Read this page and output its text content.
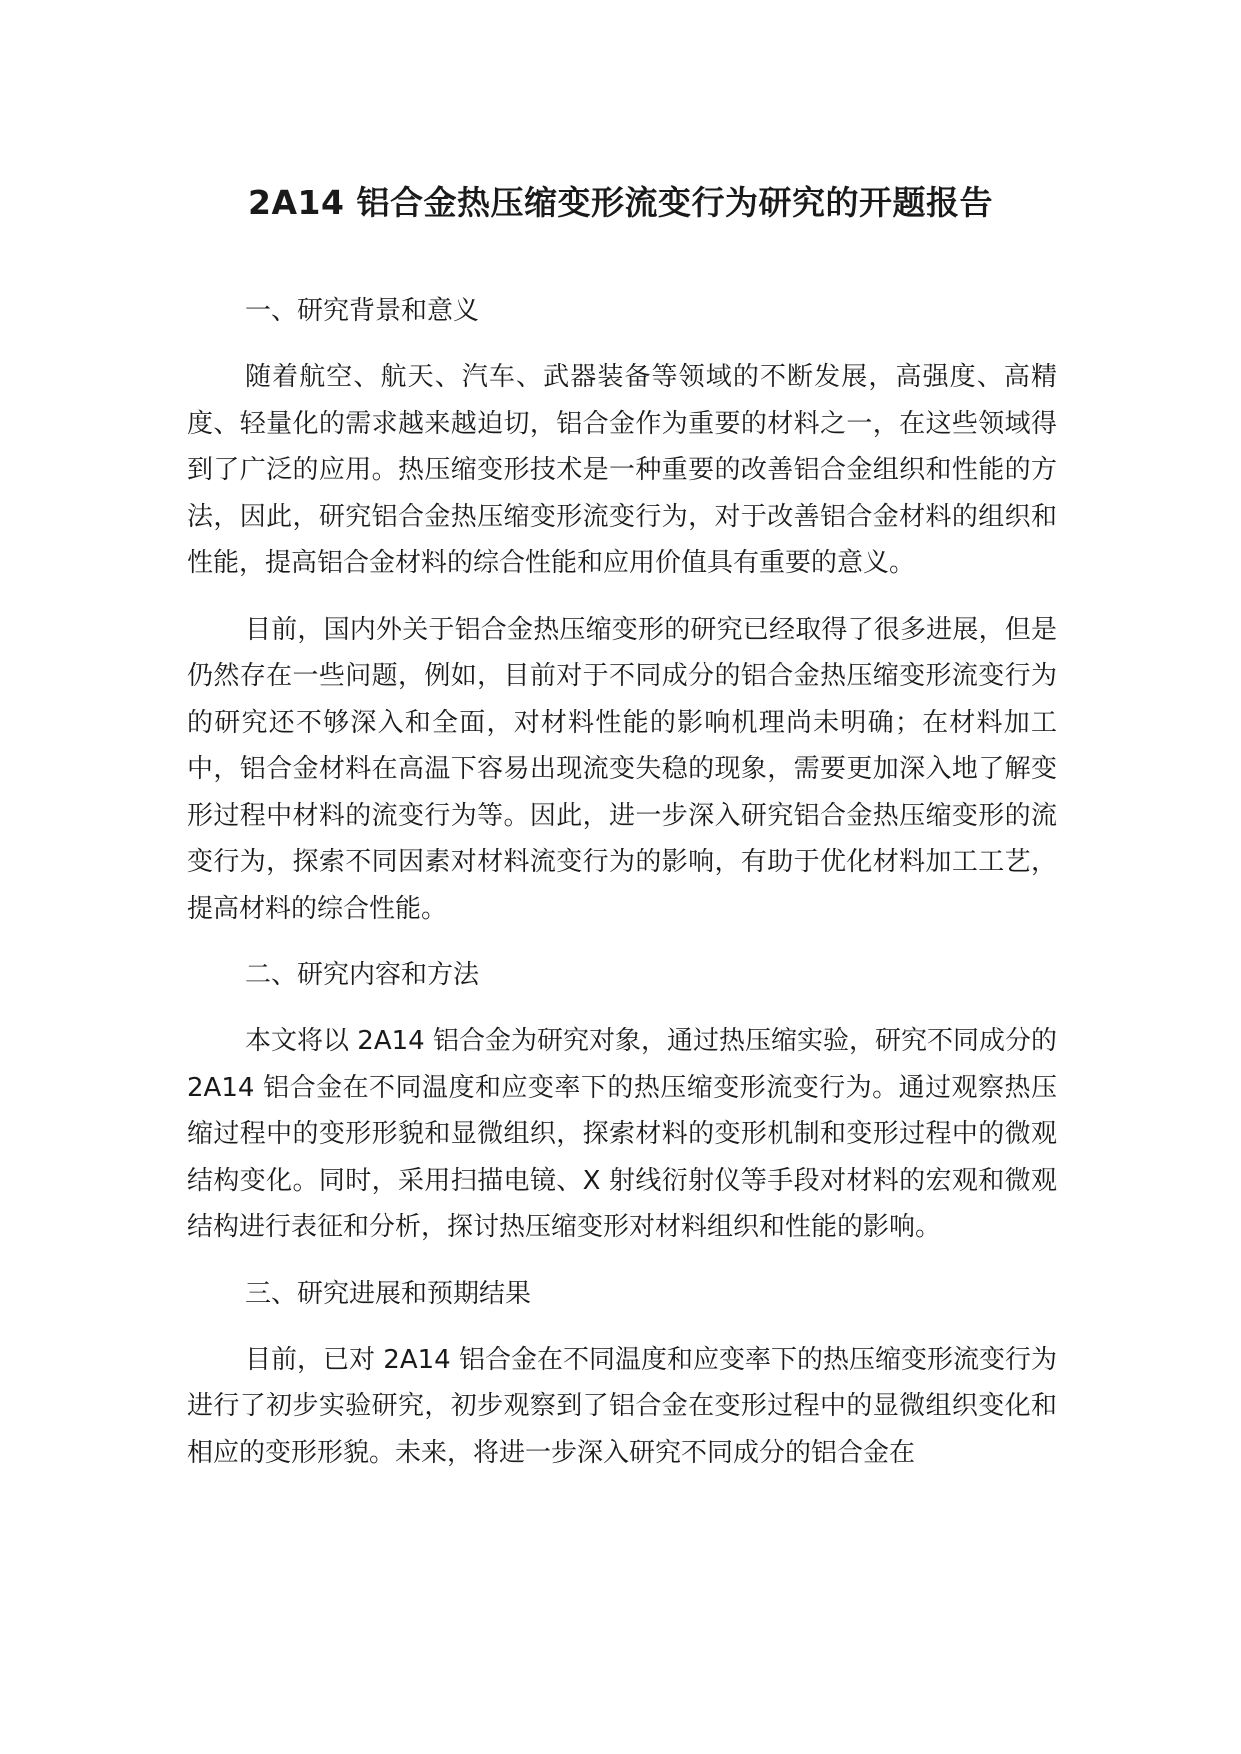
2A14 铝合金热压缩变形流变行为研究的开题报告

一、研究背景和意义

随着航空、航天、汽车、武器装备等领域的不断发展，高强度、高精度、轻量化的需求越来越迫切，铝合金作为重要的材料之一，在这些领域得到了广泛的应用。热压缩变形技术是一种重要的改善铝合金组织和性能的方法，因此，研究铝合金热压缩变形流变行为，对于改善铝合金材料的组织和性能，提高铝合金材料的综合性能和应用价值具有重要的意义。

目前，国内外关于铝合金热压缩变形的研究已经取得了很多进展，但是仍然存在一些问题，例如，目前对于不同成分的铝合金热压缩变形流变行为的研究还不够深入和全面，对材料性能的影响机理尚未明确；在材料加工中，铝合金材料在高温下容易出现流变失稳的现象，需要更加深入地了解变形过程中材料的流变行为等。因此，进一步深入研究铝合金热压缩变形的流变行为，探索不同因素对材料流变行为的影响，有助于优化材料加工工艺，提高材料的综合性能。

二、研究内容和方法

本文将以 2A14 铝合金为研究对象，通过热压缩实验，研究不同成分的 2A14 铝合金在不同温度和应变率下的热压缩变形流变行为。通过观察热压缩过程中的变形形貌和显微组织，探索材料的变形机制和变形过程中的微观结构变化。同时，采用扫描电镜、X 射线衍射仪等手段对材料的宏观和微观结构进行表征和分析，探讨热压缩变形对材料组织和性能的影响。

三、研究进展和预期结果

目前，已对 2A14 铝合金在不同温度和应变率下的热压缩变形流变行为进行了初步实验研究，初步观察到了铝合金在变形过程中的显微组织变化和相应的变形形貌。未来，将进一步深入研究不同成分的铝合金在
